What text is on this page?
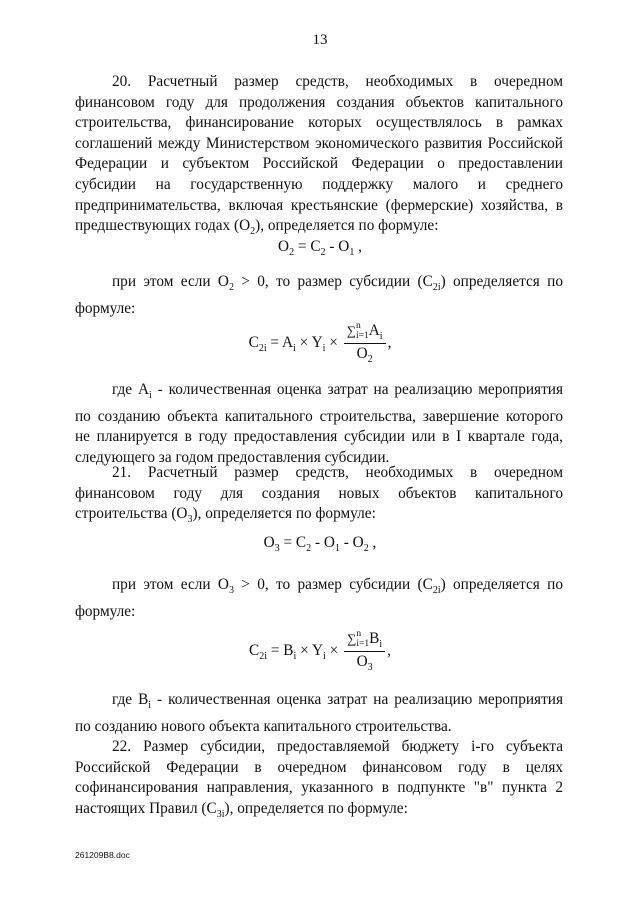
13

20. Расчетный размер средств, необходимых в очередном финансовом году для продолжения создания объектов капитального строительства, финансирование которых осуществлялось в рамках соглашений между Министерством экономического развития Российской Федерации и субъектом Российской Федерации о предоставлении субсидии на государственную поддержку малого и среднего предпринимательства, включая крестьянские (фермерские) хозяйства, в предшествующих годах $(O_2)$, определяется по формуле:

$O_2 = C_2 - O_1$ ,

при этом если $O_2 > 0$, то размер субсидии $(C_{2i})$ определяется по формуле:

$C_{2i} = A_i \times Y_i$ × ∑ n
i=1 $A_i$
$O_2$ ,

где $A_i$ - количественная оценка затрат на реализацию мероприятия по созданию объекта капитального строительства, завершение которого не планируется в году предоставления субсидии или в I квартале года, следующего за годом предоставления субсидии.

21. Расчетный размер средств, необходимых в очередном финансовом году для создания новых объектов капитального строительства $(O_3)$, определяется по формуле:

$O_3 = C_2 - O_1 - O_2$ ,

при этом если $O_3 > 0$, то размер субсидии $(C_{2i})$ определяется по формуле:

$C_{2i} = B_i \times Y_i$ × ∑ n
i=1 $B_i$
$O_3$ ,

где $B_i$ - количественная оценка затрат на реализацию мероприятия по созданию нового объекта капитального строительства.

22. Размер субсидии, предоставляемой бюджету i-го субъекта Российской Федерации в очередном финансовом году в целях софинансирования направления, указанного в подпункте "в" пункта 2 настоящих Правил $(C_{3i})$, определяется по формуле:

261209B8.doc
